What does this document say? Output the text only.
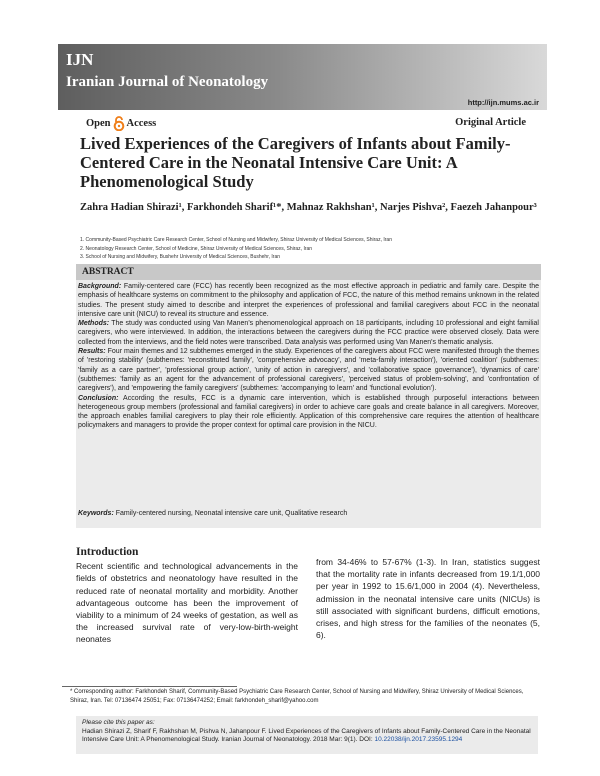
IJN
Iranian Journal of Neonatology
http://ijn.mums.ac.ir
Open Access	Original Article
Lived Experiences of the Caregivers of Infants about Family-Centered Care in the Neonatal Intensive Care Unit: A Phenomenological Study
Zahra Hadian Shirazi¹, Farkhondeh Sharif¹*, Mahnaz Rakhshan¹, Narjes Pishva², Faezeh Jahanpour³
1. Community-Based Psychiatric Care Research Center, School of Nursing and Midwifery, Shiraz University of Medical Sciences, Shiraz, Iran
2. Neonatology Research Center, School of Medicine, Shiraz University of Medical Sciences, Shiraz, Iran
3. School of Nursing and Midwifery, Bushehr University of Medical Sciences, Bushehr, Iran
ABSTRACT

Background: Family-centered care (FCC) has recently been recognized as the most effective approach in pediatric and family care. Despite the emphasis of healthcare systems on commitment to the philosophy and application of FCC, the nature of this method remains unknown in the related studies. The present study aimed to describe and interpret the experiences of professional and familial caregivers about FCC in the neonatal intensive care unit (NICU) to reveal its structure and essence.

Methods: The study was conducted using Van Manen's phenomenological approach on 18 participants, including 10 professional and eight familial caregivers, who were interviewed. In addition, the interactions between the caregivers during the FCC practice were observed closely. Data were collected from the interviews, and the field notes were transcribed. Data analysis was performed using Van Manen's thematic analysis.

Results: Four main themes and 12 subthemes emerged in the study. Experiences of the caregivers about FCC were manifested through the themes of 'restoring stability' (subthemes: 'reconstituted family', 'comprehensive advocacy', and 'meta-family interaction'), 'oriented coalition' (subthemes: 'family as a care partner', 'professional group action', 'unity of action in caregivers', and 'collaborative space governance'), 'dynamics of care' (subthemes: 'family as an agent for the advancement of professional caregivers', 'perceived status of problem-solving', and 'confrontation of caregivers'), and 'empowering the family caregivers' (subthemes: 'accompanying to learn' and 'functional evolution').

Conclusion: According the results, FCC is a dynamic care intervention, which is established through purposeful interactions between heterogeneous group members (professional and familial caregivers) in order to achieve care goals and create balance in all caregivers. Moreover, the approach enables familial caregivers to play their role efficiently. Application of this comprehensive care requires the attention of healthcare policymakers and managers to provide the proper context for optimal care provision in the NICU.

Keywords: Family-centered nursing, Neonatal intensive care unit, Qualitative research
Introduction
Recent scientific and technological advancements in the fields of obstetrics and neonatology have resulted in the reduced rate of neonatal mortality and morbidity. Another advantageous outcome has been the improvement of viability to a minimum of 24 weeks of gestation, as well as the increased survival rate of very-low-birth-weight neonates
from 34-46% to 57-67% (1-3). In Iran, statistics suggest that the mortality rate in infants decreased from 19.1/1,000 per year in 1992 to 15.6/1,000 in 2004 (4). Nevertheless, admission in the neonatal intensive care units (NICUs) is still associated with significant burdens, difficult emotions, crises, and high stress for the families of the neonates (5, 6).
* Corresponding author: Farkhondeh Sharif, Community-Based Psychiatric Care Research Center, School of Nursing and Midwifery, Shiraz University of Medical Sciences, Shiraz, Iran. Tel: 07136474 25051; Fax: 07136474252; Email: farkhondeh_sharif@yahoo.com
Please cite this paper as:
Hadian Shirazi Z, Sharif F, Rakhshan M, Pishva N, Jahanpour F. Lived Experiences of the Caregivers of Infants about Family-Centered Care in the Neonatal Intensive Care Unit: A Phenomenological Study. Iranian Journal of Neonatology. 2018 Mar: 9(1). DOI: 10.22038/ijn.2017.23595.1294
